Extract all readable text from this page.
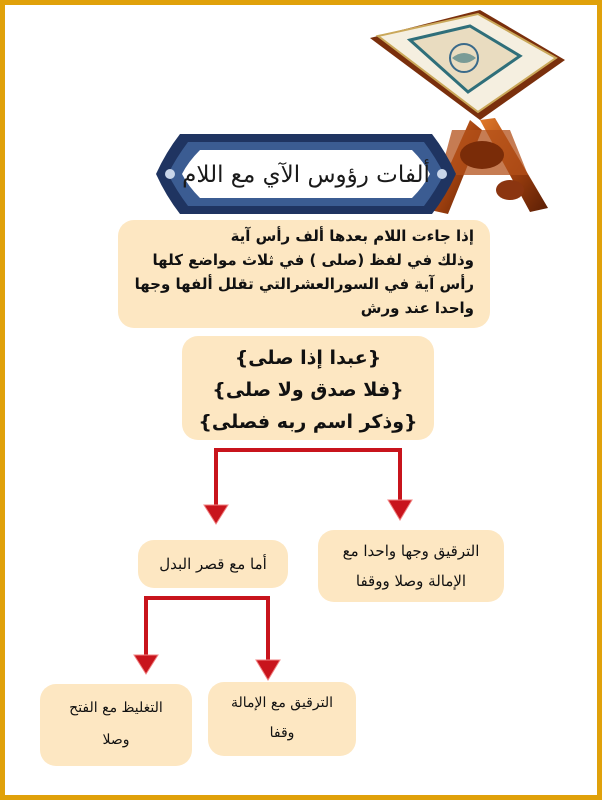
ألفات رؤوس الآي مع اللام
إذا جاءت اللام بعدها ألف رأس آية
وذلك في لفظ (صلى ) في ثلاث مواضع كلها
رأس آية في السورالعشرالتي تقلل ألفها وجها
واحدا عند ورش
{عبدا إذا صلى}
{فلا صدق ولا صلى}
{وذكر اسم ربه فصلى}
الترقيق وجها واحدا مع
الإمالة وصلا ووقفا
أما مع قصر البدل
الترقيق مع الإمالة
وقفا
التغليظ مع الفتح
وصلا
